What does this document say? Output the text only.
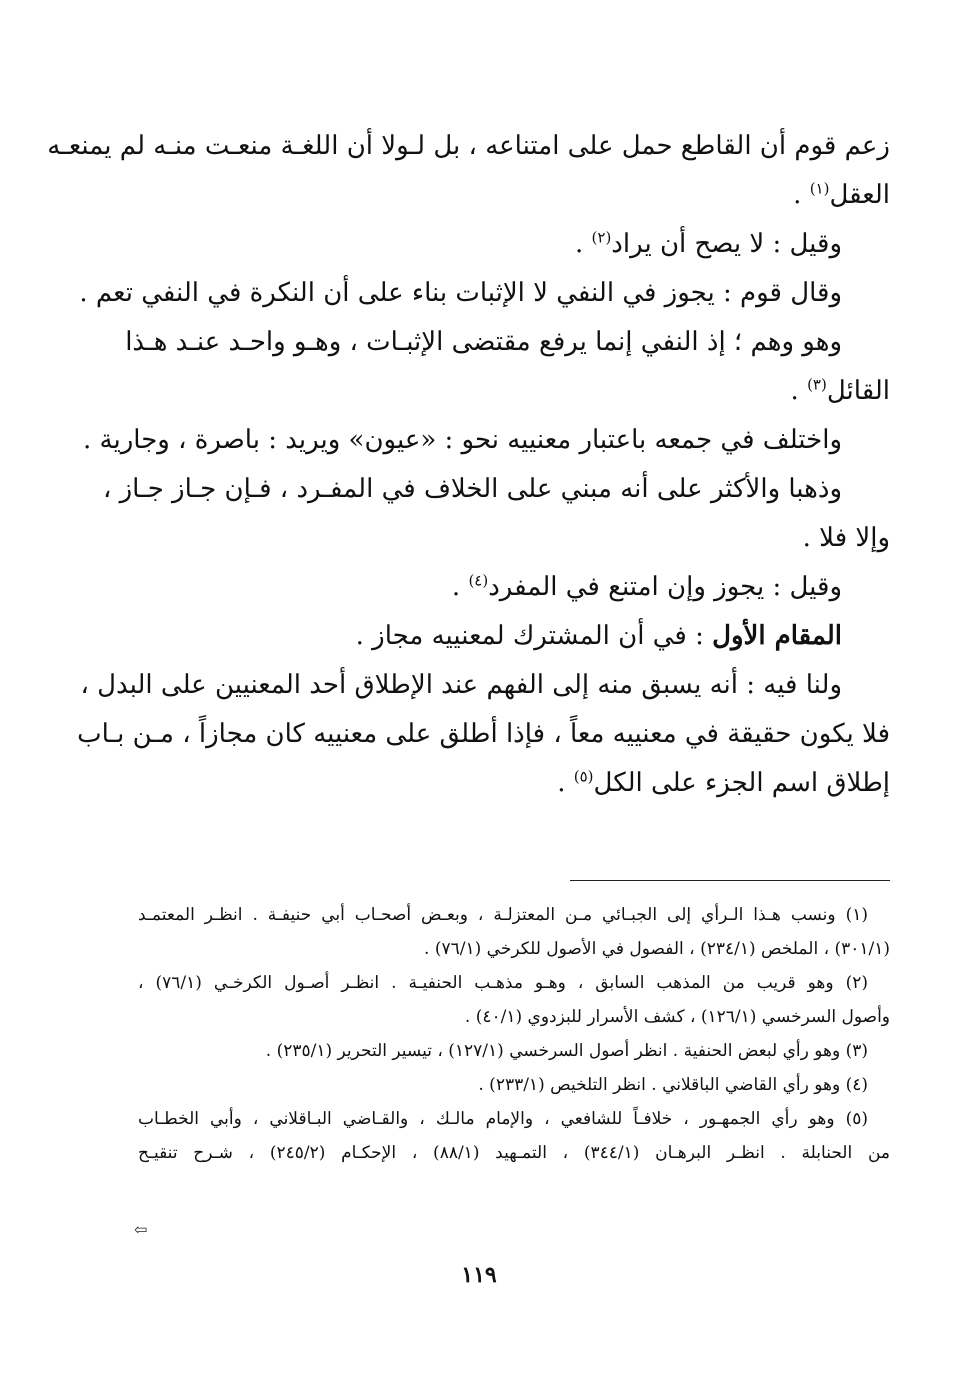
زعم قوم أن القاطع حمل على امتناعه ، بل لـولا أن اللغـة منعـت منـه لم يمنعـه
العقل$^{(١)}$ .
وقيل : لا يصح أن يراد$^{(٢)}$ .
وقال قوم : يجوز في النفي لا الإثبات بناء على أن النكرة في النفي تعم .
وهو وهم ؛ إذ النفي إنما يرفع مقتضى الإثبـات ، وهـو واحـد عنـد هـذا
القائل$^{(٣)}$ .
واختلف في جمعه باعتبار معنييه نحو : «عيون» ويريد : باصرة ، وجارية .
وذهبا والأكثر على أنه مبني على الخلاف في المفـرد ، فـإن جـاز جـاز ،
وإلا فلا .
وقيل : يجوز وإن امتنع في المفرد$^{(٤)}$ .
المقام الأول : في أن المشترك لمعنييه مجاز .
ولنا فيه : أنه يسبق منه إلى الفهم عند الإطلاق أحد المعنيين على البدل ،
فلا يكون حقيقة في معنييه معاً ، فإذا أطلق على معنييه كان مجازاً ، مـن بـاب
إطلاق اسم الجزء على الكل$^{(٥)}$ .
(١) ونسب هـذا الـرأي إلى الجبـائي مـن المعتزلـة ، وبعـض أصحـاب أبي حنيفـة . انظـر المعتمـد
(٣٠١/١) ، الملخص (٢٣٤/١) ، الفصول في الأصول للكرخي (٧٦/١) .
(٢) وهو قريب من المذهب السابق ، وهـو مذهـب الحنفيـة . انظـر أصـول الكرخـي (٧٦/١) ،
وأصول السرخسي (١٢٦/١) ، كشف الأسرار للبزدوي (٤٠/١) .
(٣) وهو رأي لبعض الحنفية . انظر أصول السرخسي (١٢٧/١) ، تيسير التحرير (٢٣٥/١) .
(٤) وهو رأي القاضي الباقلاني . انظر التلخيص (٢٣٣/١) .
(٥) وهو رأي الجمهـور ، خلافـاً للشافعي ، والإمام مالـك ، والقـاضي البـاقلاني ، وأبي الخطـاب
من الحنابلة . انظـر البرهـان (٣٤٤/١) ، التمـهيد (٨٨/١) ، الإحكـام (٢٤٥/٢) ، شـرح تنقيـح
⇦
١١٩
